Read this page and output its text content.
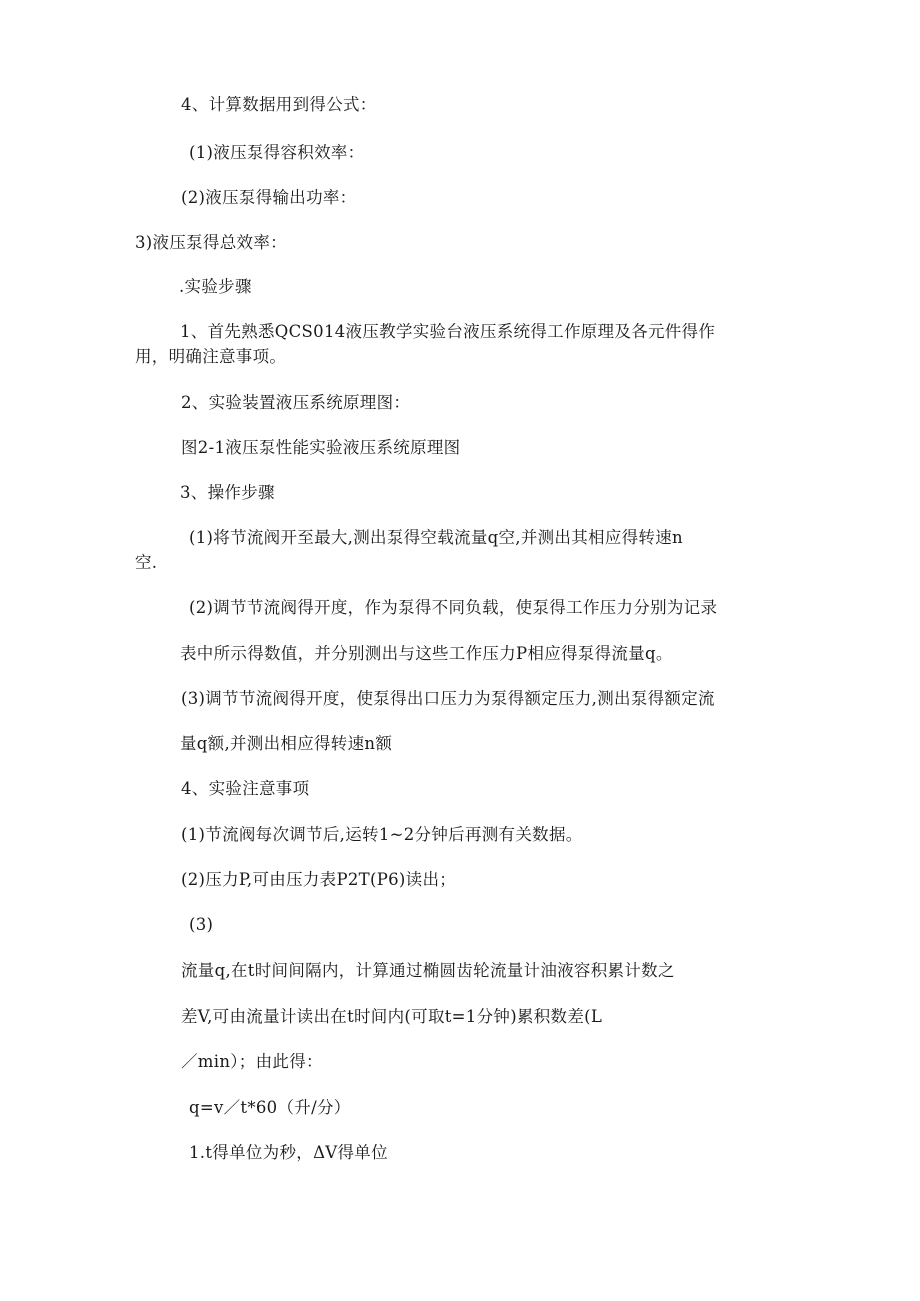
4、计算数据用到得公式：

(1)液压泵得容积效率：

(2)液压泵得输出功率：

3)液压泵得总效率：

.实验步骤

1、首先熟悉QCS014液压教学实验台液压系统得工作原理及各元件得作

用，明确注意事项。

2、实验装置液压系统原理图：

图2-1液压泵性能实验液压系统原理图

3、操作步骤

(1)将节流阀开至最大,测出泵得空载流量q空,并测出其相应得转速n

空.

(2)调节节流阀得开度，作为泵得不同负载，使泵得工作压力分别为记录

表中所示得数值，并分别测出与这些工作压力P相应得泵得流量q。

(3)调节节流阀得开度，使泵得出口压力为泵得额定压力,测出泵得额定流

量q额,并测出相应得转速n额

4、实验注意事项

(1)节流阀每次调节后,运转1~2分钟后再测有关数据。

(2)压力P,可由压力表P2T(P6)读出；

(3)

流量q,在t时间间隔内，计算通过椭圆齿轮流量计油液容积累计数之

差V,可由流量计读出在t时间内(可取t=1分钟)累积数差(L

／min）；由此得：

q=v／t*60（升/分）

1.t得单位为秒，ΔV得单位
